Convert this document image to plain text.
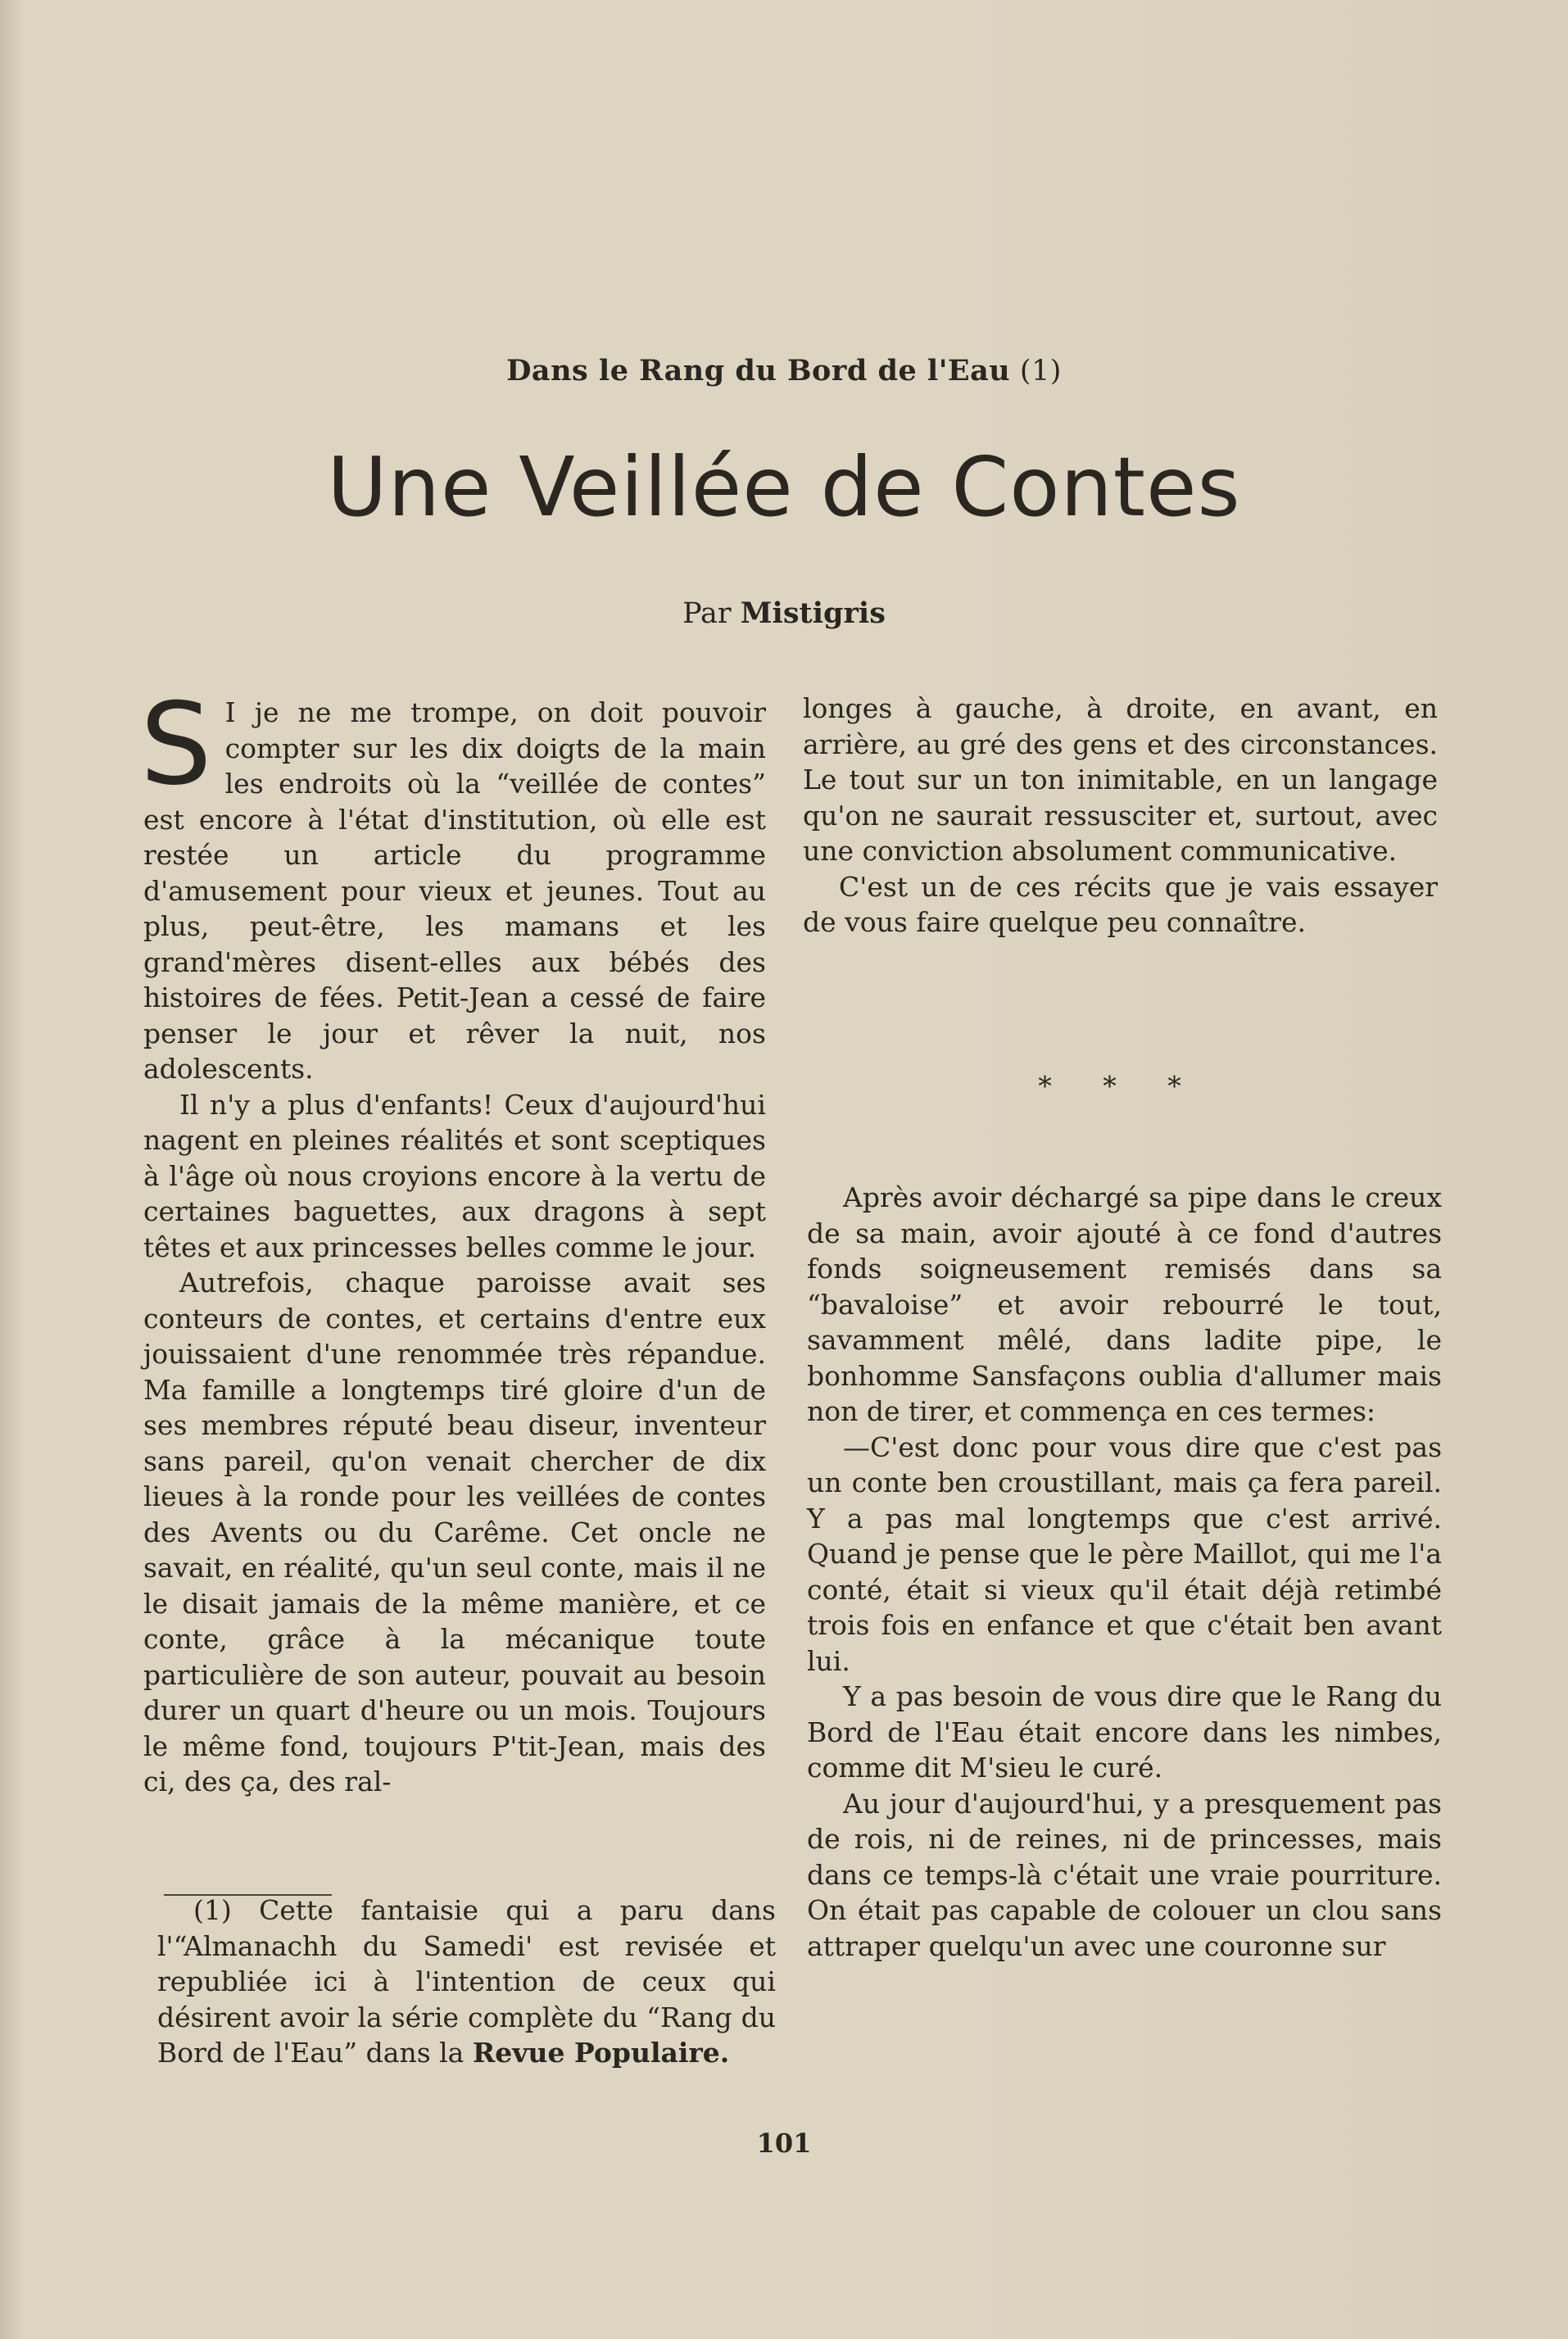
Dans le Rang du Bord de l'Eau (1)
Une Veillée de Contes
Par Mistigris

S I je ne me trompe, on doit pouvoir compter sur les dix doigts de la main les endroits où la “veillée de contes” est encore à l'état d'institution, où elle est restée un article du programme d'amusement pour vieux et jeunes. Tout au plus, peut-être, les mamans et les grand'mères disent-elles aux bébés des histoires de fées. Petit-Jean a cessé de faire penser le jour et rêver la nuit, nos adolescents.

Il n'y a plus d'enfants! Ceux d'aujourd'hui nagent en pleines réalités et sont sceptiques à l'âge où nous croyions encore à la vertu de certaines baguettes, aux dragons à sept têtes et aux princesses belles comme le jour.

Autrefois, chaque paroisse avait ses conteurs de contes, et certains d'entre eux jouissaient d'une renommée très répandue. Ma famille a longtemps tiré gloire d'un de ses membres réputé beau diseur, inventeur sans pareil, qu'on venait chercher de dix lieues à la ronde pour les veillées de contes des Avents ou du Carême. Cet oncle ne savait, en réalité, qu'un seul conte, mais il ne le disait jamais de la même manière, et ce conte, grâce à la mécanique toute particulière de son auteur, pouvait au besoin durer un quart d'heure ou un mois. Toujours le même fond, toujours P'tit-Jean, mais des ci, des ça, des ral-

longes à gauche, à droite, en avant, en arrière, au gré des gens et des circonstances. Le tout sur un ton inimitable, en un langage qu'on ne saurait ressusciter et, surtout, avec une conviction absolument communicative.

C'est un de ces récits que je vais essayer de vous faire quelque peu connaître.

* * *

Après avoir déchargé sa pipe dans le creux de sa main, avoir ajouté à ce fond d'autres fonds soigneusement remisés dans sa “bavaloise” et avoir rebourré le tout, savamment mêlé, dans ladite pipe, le bonhomme Sansfaçons oublia d'allumer mais non de tirer, et commença en ces termes:

—C'est donc pour vous dire que c'est pas un conte ben croustillant, mais ça fera pareil. Y a pas mal longtemps que c'est arrivé. Quand je pense que le père Maillot, qui me l'a conté, était si vieux qu'il était déjà retimbé trois fois en enfance et que c'était ben avant lui.

Y a pas besoin de vous dire que le Rang du Bord de l'Eau était encore dans les nimbes, comme dit M'sieu le curé.

Au jour d'aujourd'hui, y a presquement pas de rois, ni de reines, ni de princesses, mais dans ce temps-là c'était une vraie pourriture. On était pas capable de colouer un clou sans attraper quelqu'un avec une couronne sur

(1) Cette fantaisie qui a paru dans l'“Almanachh du Samedi' est revisée et republiée ici à l'intention de ceux qui désirent avoir la série complète du “Rang du Bord de l'Eau” dans la Revue Populaire.

101
